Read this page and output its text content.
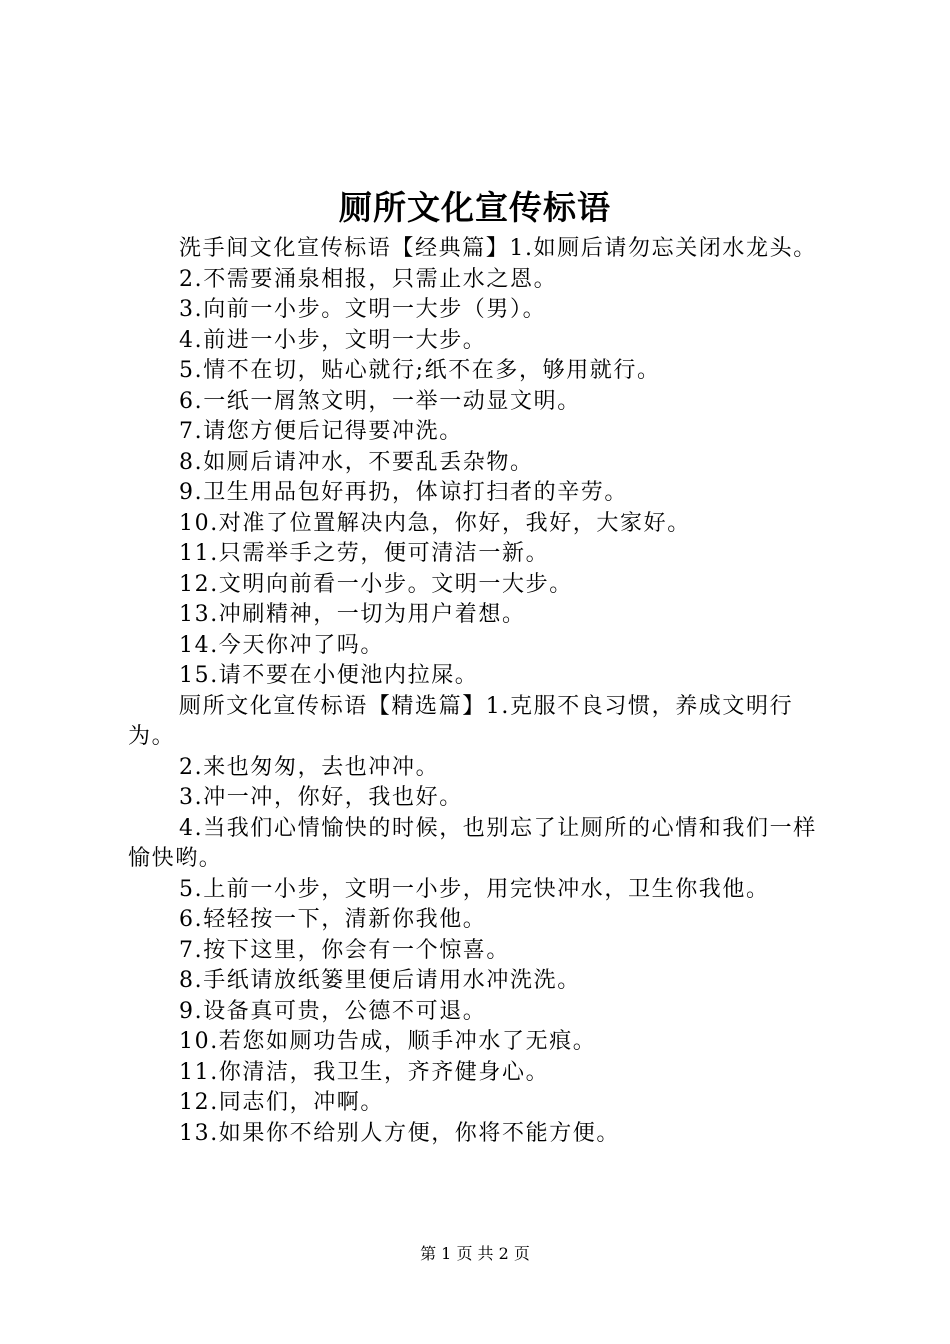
厕所文化宣传标语

洗手间文化宣传标语【经典篇】1.如厕后请勿忘关闭水龙头。

2.不需要涌泉相报，只需止水之恩。

3.向前一小步。文明一大步（男）。

4.前进一小步，文明一大步。

5.情不在切，贴心就行;纸不在多，够用就行。

6.一纸一屑煞文明，一举一动显文明。

7.请您方便后记得要冲洗。

8.如厕后请冲水，不要乱丢杂物。

9.卫生用品包好再扔，体谅打扫者的辛劳。

10.对准了位置解决内急，你好，我好，大家好。

11.只需举手之劳，便可清洁一新。

12.文明向前看一小步。文明一大步。

13.冲刷精神，一切为用户着想。

14.今天你冲了吗。

15.请不要在小便池内拉屎。

厕所文化宣传标语【精选篇】1.克服不良习惯，养成文明行为。

2.来也匆匆，去也冲冲。

3.冲一冲，你好，我也好。

4.当我们心情愉快的时候，也别忘了让厕所的心情和我们一样愉快哟。

5.上前一小步，文明一小步，用完快冲水，卫生你我他。

6.轻轻按一下，清新你我他。

7.按下这里，你会有一个惊喜。

8.手纸请放纸篓里便后请用水冲洗洗。

9.设备真可贵，公德不可退。

10.若您如厕功告成，顺手冲水了无痕。

11.你清洁，我卫生，齐齐健身心。

12.同志们，冲啊。

13.如果你不给别人方便，你将不能方便。

第 1 页 共 2 页
